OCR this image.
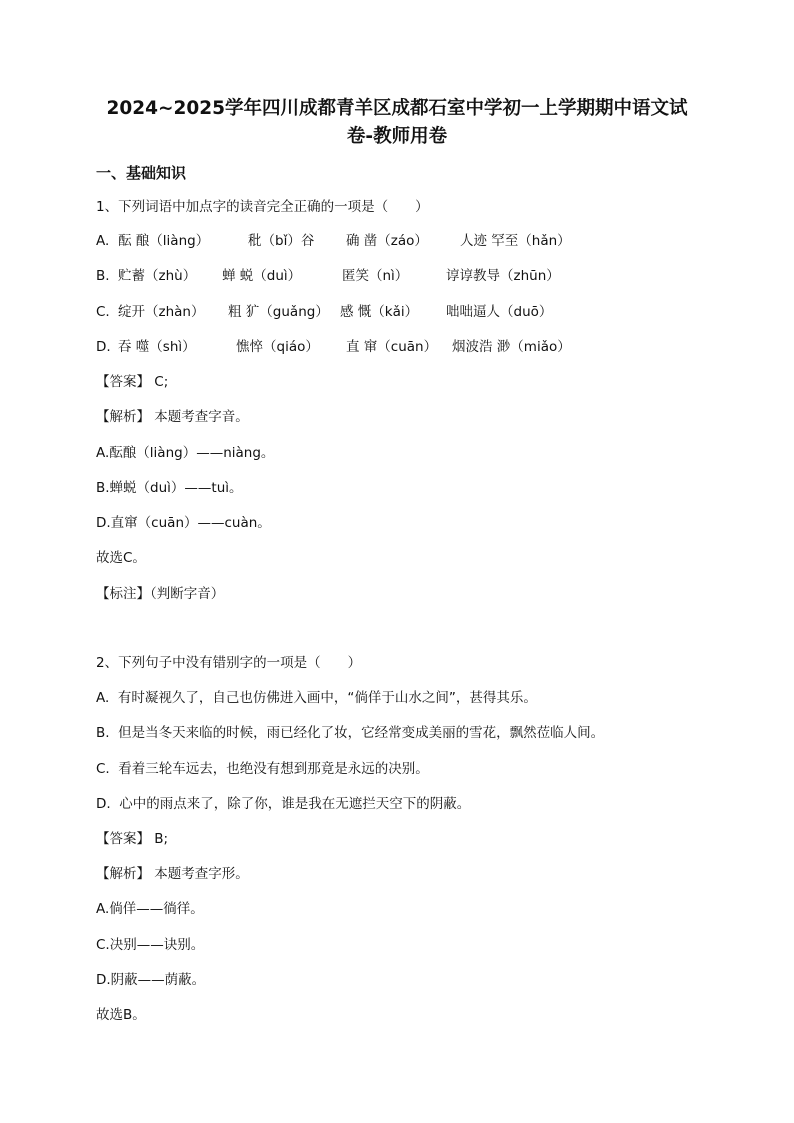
2024~2025学年四川成都青羊区成都石室中学初一上学期期中语文试
卷-教师用卷
一、基础知识
1、下列词语中加点字的读音完全正确的一项是（　　）
A. 酝 酿（liàng）	秕（bǐ）谷 确 凿（záo） 人迹 罕至（hǎn）
B. 贮蓄（zhù） 蝉 蜕（duì）	匿笑（nì）	谆谆教导（zhūn）
C. 绽开（zhàn） 粗 犷（guǎng） 感 慨（kǎi） 咄咄逼人（duō）
D. 吞 噬（shì）	憔悴（qiáo） 直 窜（cuān） 烟波浩 渺（miǎo）
【答案】 C;
【解析】 本题考查字音。
A.酝酿（liàng）——niàng。
B.蝉蜕（duì）——tuì。
D.直窜（cuān）——cuàn。
故选C。
【标注】（判断字音）
2、下列句子中没有错别字的一项是（　　）
A.  有时凝视久了，自己也仿佛进入画中，“倘佯于山水之间”，甚得其乐。
B.  但是当冬天来临的时候，雨已经化了妆，它经常变成美丽的雪花，飘然莅临人间。
C.  看着三轮车远去，也绝没有想到那竟是永远的决别。
D.  心中的雨点来了，除了你，谁是我在无遮拦天空下的阴蔽。
【答案】 B;
【解析】 本题考查字形。
A.倘佯——徜徉。
C.决别——诀别。
D.阴蔽——荫蔽。
故选B。
